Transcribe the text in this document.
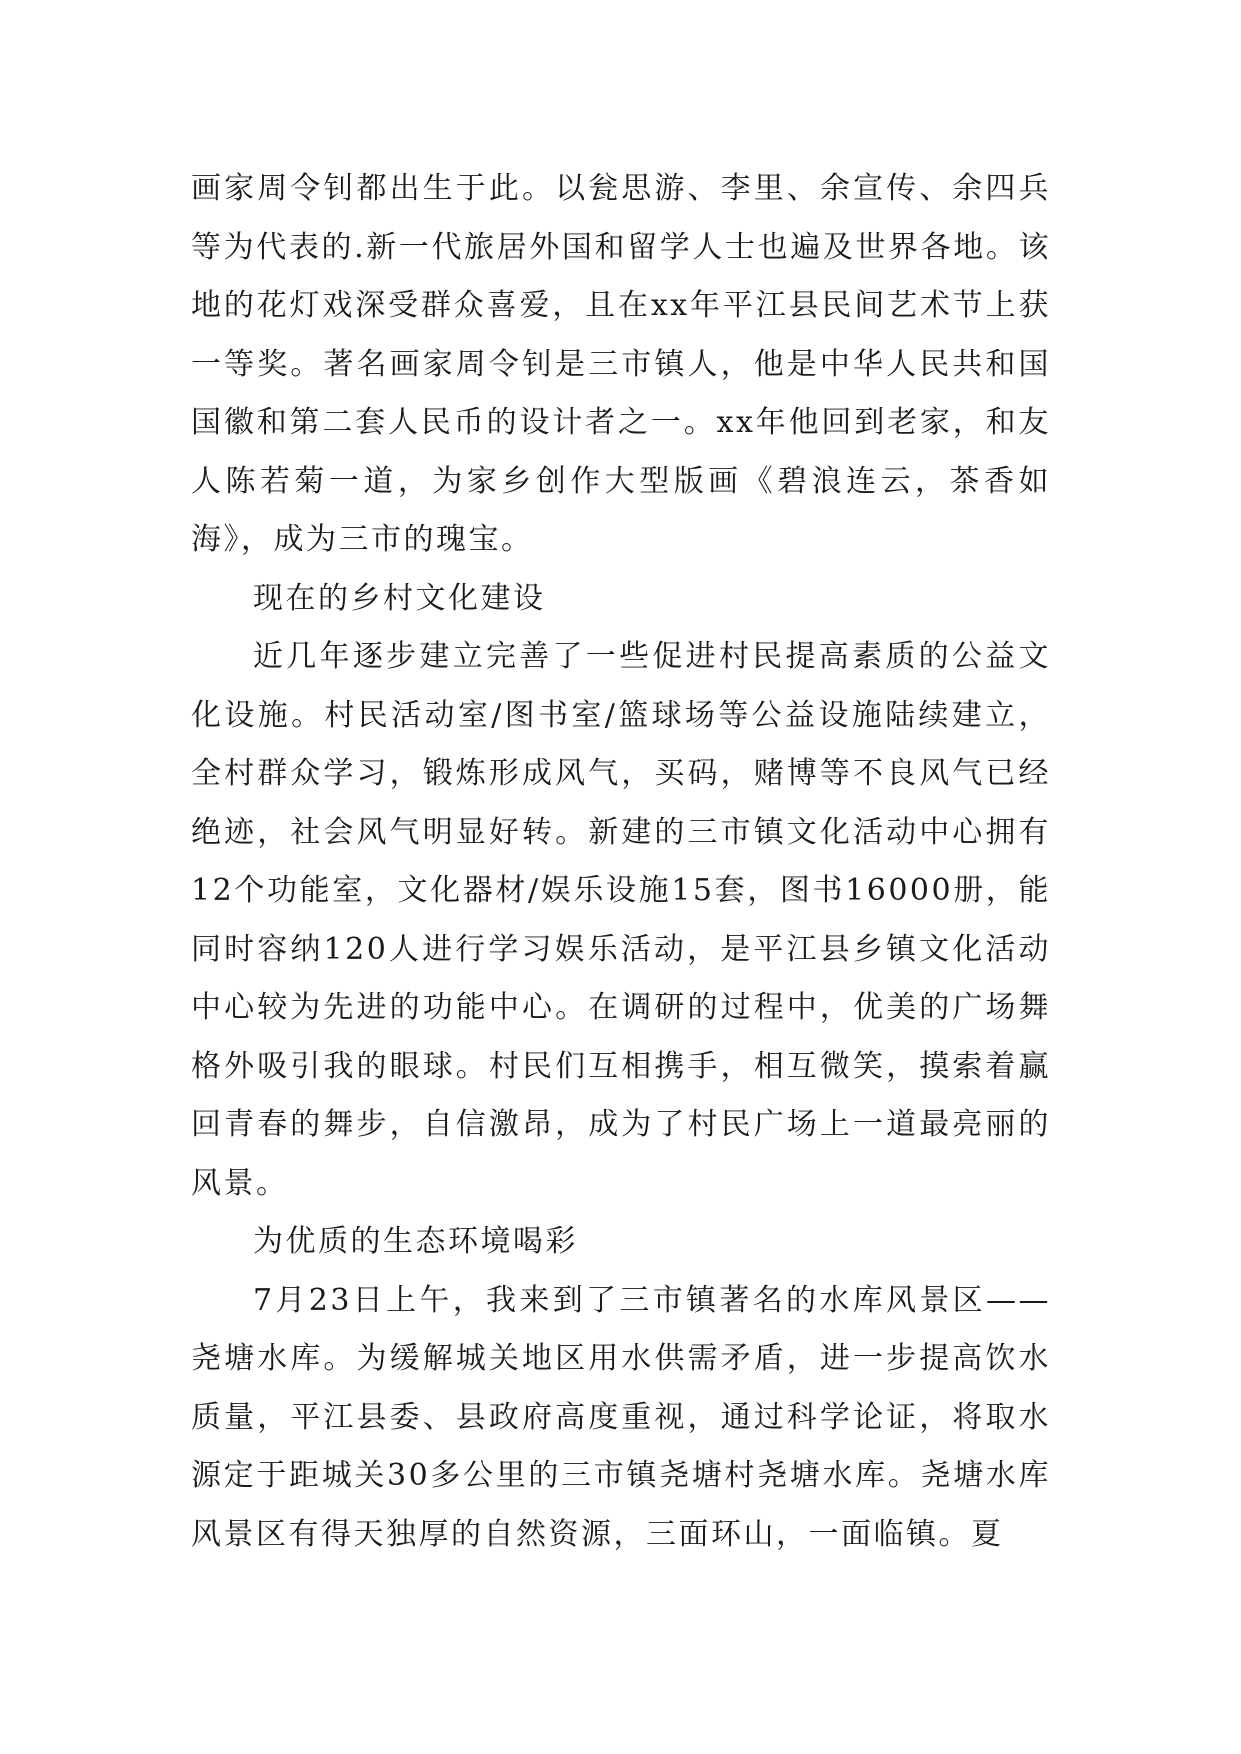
画家周令钊都出生于此。以瓮思游、李里、余宣传、余四兵等为代表的.新一代旅居外国和留学人士也遍及世界各地。该地的花灯戏深受群众喜爱，且在xx年平江县民间艺术节上获一等奖。著名画家周令钊是三市镇人，他是中华人民共和国国徽和第二套人民币的设计者之一。xx年他回到老家，和友人陈若菊一道，为家乡创作大型版画《碧浪连云，茶香如海》，成为三市的瑰宝。

现在的乡村文化建设

近几年逐步建立完善了一些促进村民提高素质的公益文化设施。村民活动室/图书室/篮球场等公益设施陆续建立，全村群众学习，锻炼形成风气，买码，赌博等不良风气已经绝迹，社会风气明显好转。新建的三市镇文化活动中心拥有12个功能室，文化器材/娱乐设施15套，图书16000册，能同时容纳120人进行学习娱乐活动，是平江县乡镇文化活动中心较为先进的功能中心。在调研的过程中，优美的广场舞格外吸引我的眼球。村民们互相携手，相互微笑，摸索着赢回青春的舞步，自信激昂，成为了村民广场上一道最亮丽的风景。

为优质的生态环境喝彩

7月23日上午，我来到了三市镇著名的水库风景区——尧塘水库。为缓解城关地区用水供需矛盾，进一步提高饮水质量，平江县委、县政府高度重视，通过科学论证，将取水源定于距城关30多公里的三市镇尧塘村尧塘水库。尧塘水库风景区有得天独厚的自然资源，三面环山，一面临镇。夏
